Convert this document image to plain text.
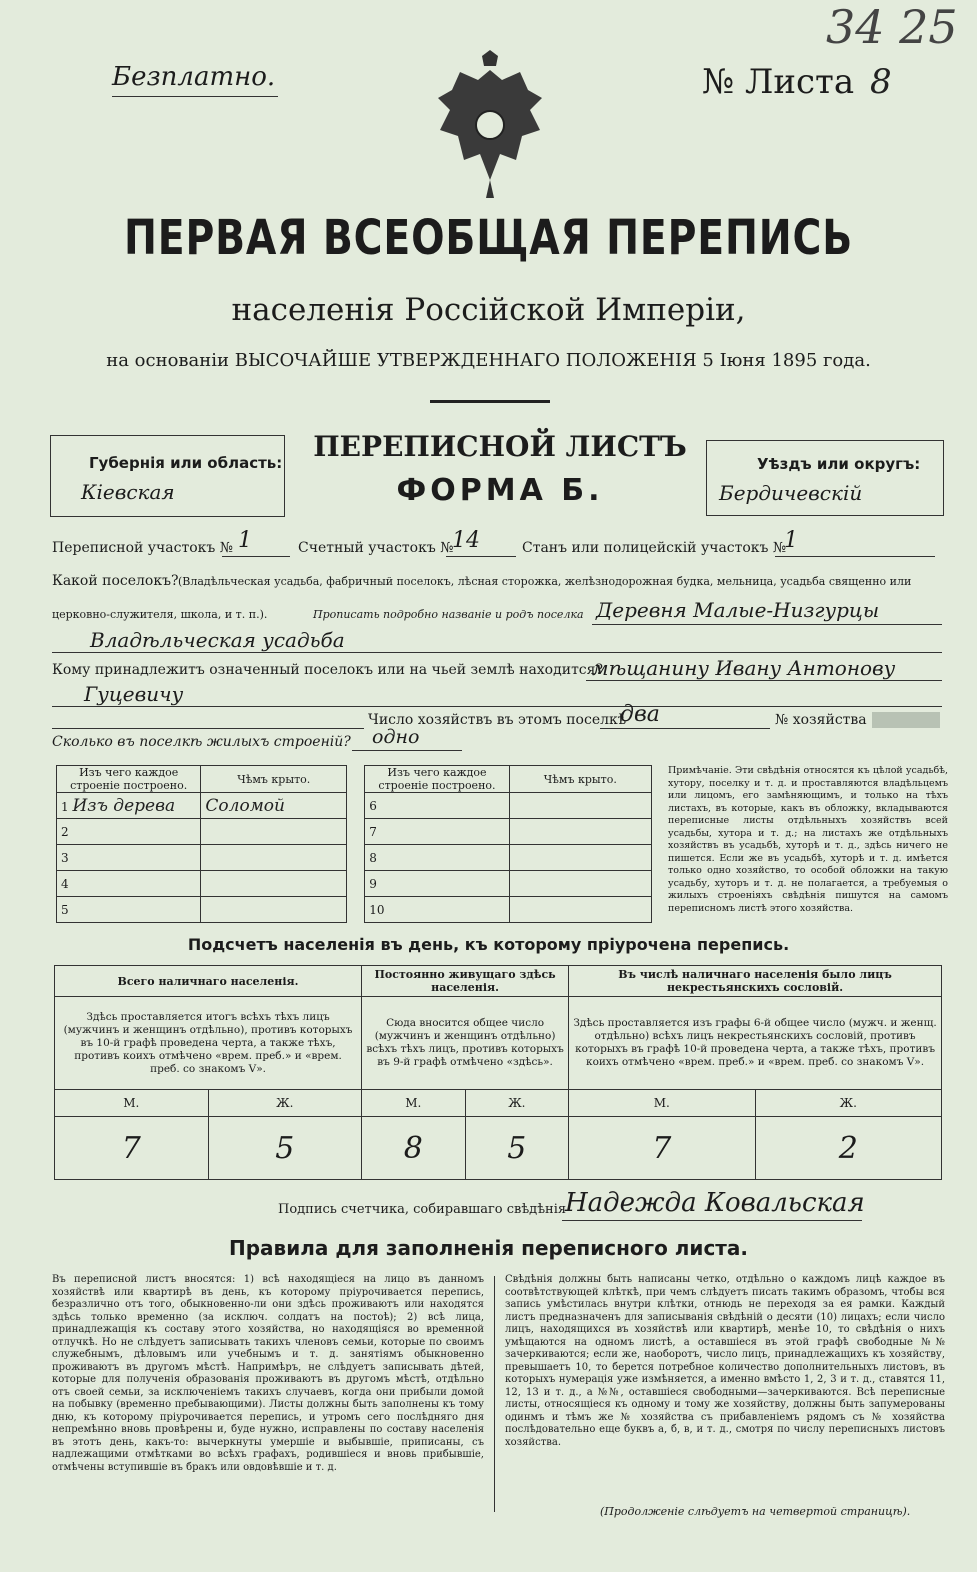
34 25
Безплатно.	№ Листа 8
ПЕРВАЯ ВСЕОБЩАЯ ПЕРЕПИСЬ
населенія Россійской Имперіи,
на основаніи ВЫСОЧАЙШЕ УТВЕРЖДЕННАГО ПОЛОЖЕНІЯ 5 Іюня 1895 года.
Губернія или область:
Кіевская
ПЕРЕПИСНОЙ ЛИСТЪ
ФОРМА Б.
Уѣздъ или округъ:
Бердичевскій
Переписной участокъ № 1	Счетный участокъ №
14	Станъ или полицейскій участокъ №
1
Какой поселокъ? (Владѣльческая усадьба, фабричный поселокъ, лѣсная сторожка, желѣзнодорожная будка, мельница, усадьба священно или
церковно-служителя, школа, и т. п.).	Прописать подробно названіе и родъ поселка Деревня Малые-Низгурцы
Владѣльческая усадьба
Кому принадлежитъ означенный поселокъ или на чьей землѣ находится?
мѣщанину Ивану Антонову
Гуцевичу
Число хозяйствъ въ этомъ поселкѣ
два	№ хозяйства
Сколько въ поселкѣ жилыхъ строеній? одно
Изъ чего каждое строеніе построено.	Чѣмъ крыто.		Изъ чего каждое строеніе построено.	Чѣмъ крыто.
1 Изъ дерева	Соломой		6	
2			7	
3			8	
4			9	
5			10	
Примѣчаніе. Эти свѣдѣнія относятся къ цѣлой усадьбѣ, хутору, поселку и т. д. и проставляются владѣльцемъ или лицомъ, его замѣняющимъ, и только на тѣхъ листахъ, въ которые, какъ въ обложку, вкладываются переписные листы отдѣльныхъ хозяйствъ всей усадьбы, хутора и т. д.; на листахъ же отдѣльныхъ хозяйствъ въ усадьбѣ, хуторѣ и т. д., здѣсь ничего не пишется. Если же въ усадьбѣ, хуторѣ и т. д. имѣется только одно хозяйство, то особой обложки на такую усадьбу, хуторъ и т. д. не полагается, а требуемыя о жилыхъ строеніяхъ свѣдѣнія пишутся на самомъ переписномъ листѣ этого хозяйства.
Подсчетъ населенія въ день, къ которому пріурочена перепись.
Всего наличнаго населенія.		Постоянно живущаго здѣсь населенія.		Въ числѣ наличнаго населенія было лицъ некрестьянскихъ сословій.	
Здѣсь проставляется итогъ всѣхъ тѣхъ лицъ (мужчинъ и женщинъ отдѣльно), противъ которыхъ въ 10-й графѣ проведена черта, а также тѣхъ, противъ коихъ отмѣчено «врем. преб.» и «врем. преб. со знакомъ V».		Сюда вносится общее число (мужчинъ и женщинъ отдѣльно) всѣхъ тѣхъ лицъ, противъ которыхъ въ 9-й графѣ отмѣчено «здѣсь».		Здѣсь проставляется изъ графы 6-й общее число (мужч. и женщ. отдѣльно) всѣхъ лицъ некрестьянскихъ сословій, противъ которыхъ въ графѣ 10-й проведена черта, а также тѣхъ, противъ коихъ отмѣчено «врем. преб.» и «врем. преб. со знакомъ V».	
М.	Ж.	М.	Ж.	М.	Ж.
7	5	8	5	7	2
Подпись счетчика, собиравшаго свѣдѣнія
Надежда Ковальская
Правила для заполненія переписного листа.
Въ переписной листъ вносятся: 1) всѣ находящіеся на лицо въ данномъ хозяйствѣ или квартирѣ въ день, къ которому пріурочивается перепись, безразлично отъ того, обыкновенно-ли они здѣсь проживаютъ или находятся здѣсь только временно (за исключ. солдатъ на постоѣ); 2) всѣ лица, принадлежащія къ составу этого хозяйства, но находящіяся во временной отлучкѣ. Но не слѣдуетъ записывать такихъ членовъ семьи, которые по своимъ служебнымъ, дѣловымъ или учебнымъ и т. д. занятіямъ обыкновенно проживаютъ въ другомъ мѣстѣ. Напримѣръ, не слѣдуетъ записывать дѣтей, которые для полученія образованія проживаютъ въ другомъ мѣстѣ, отдѣльно отъ своей семьи, за исключеніемъ такихъ случаевъ, когда они прибыли домой на побывку (временно пребывающими). Листы должны быть заполнены къ тому дню, къ которому пріурочивается перепись, и утромъ сего послѣдняго дня непремѣнно вновь провѣрены и, буде нужно, исправлены по составу населенія въ этотъ день, какъ-то: вычеркнуты умершіе и выбывшіе, приписаны, съ надлежащими отмѣтками во всѣхъ графахъ, родившіеся и вновь прибывшіе, отмѣчены вступившіе въ бракъ или овдовѣвшіе и т. д.
Свѣдѣнія должны быть написаны четко, отдѣльно о каждомъ лицѣ каждое въ соотвѣтствующей клѣткѣ, при чемъ слѣдуетъ писать такимъ образомъ, чтобы вся запись умѣстилась внутри клѣтки, отнюдь не переходя за ея рамки. Каждый листъ предназначенъ для записыванія свѣдѣній о десяти (10) лицахъ; если число лицъ, находящихся въ хозяйствѣ или квартирѣ, менѣе 10, то свѣдѣнія о нихъ умѣщаются на одномъ листѣ, а оставшіеся въ этой графѣ свободные №№ зачеркиваются; если же, наоборотъ, число лицъ, принадлежащихъ къ хозяйству, превышаетъ 10, то берется потребное количество дополнительныхъ листовъ, въ которыхъ нумерація уже измѣняется, а именно вмѣсто 1, 2, 3 и т. д., ставятся 11, 12, 13 и т. д., а №№, оставшіеся свободными—зачеркиваются. Всѣ переписные листы, относящіеся къ одному и тому же хозяйству, должны быть запумерованы одинмъ и тѣмъ же № хозяйства съ прибавленіемъ рядомъ съ № хозяйства послѣдовательно еще буквъ а, б, в, и т. д., смотря по числу переписныхъ листовъ хозяйства.
(Продолженіе слѣдуетъ на четвертой страницѣ).
